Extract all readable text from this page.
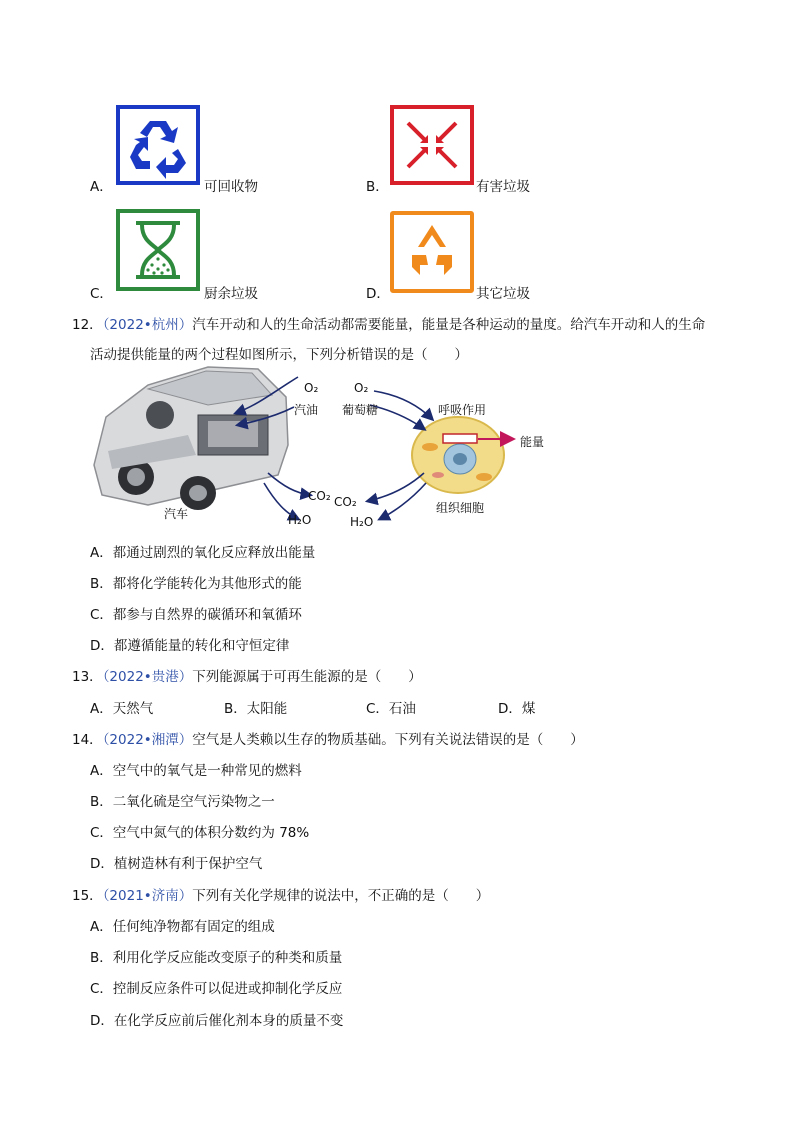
A．	可回收物	B．	有害垃圾
C．	厨余垃圾	D．	其它垃圾
12．（2022•杭州）汽车开动和人的生命活动都需要能量，能量是各种运动的量度。给汽车开动和人的生命
活动提供能量的两个过程如图所示，下列分析错误的是（　　）
O₂
汽油
O₂
葡萄糖	呼吸作用
能量
CO₂ CO₂
H₂O	H₂O
汽车	组织细胞
A．都通过剧烈的氧化反应释放出能量
B．都将化学能转化为其他形式的能
C．都参与自然界的碳循环和氧循环
D．都遵循能量的转化和守恒定律
13．（2022•贵港）下列能源属于可再生能源的是（　　）
A．天然气	B．太阳能	C．石油	D．煤
14．（2022•湘潭）空气是人类赖以生存的物质基础。下列有关说法错误的是（　　）
A．空气中的氧气是一种常见的燃料
B．二氧化硫是空气污染物之一
C．空气中氮气的体积分数约为 78%
D．植树造林有利于保护空气
15．（2021•济南）下列有关化学规律的说法中，不正确的是（　　）
A．任何纯净物都有固定的组成
B．利用化学反应能改变原子的种类和质量
C．控制反应条件可以促进或抑制化学反应
D．在化学反应前后催化剂本身的质量不变
